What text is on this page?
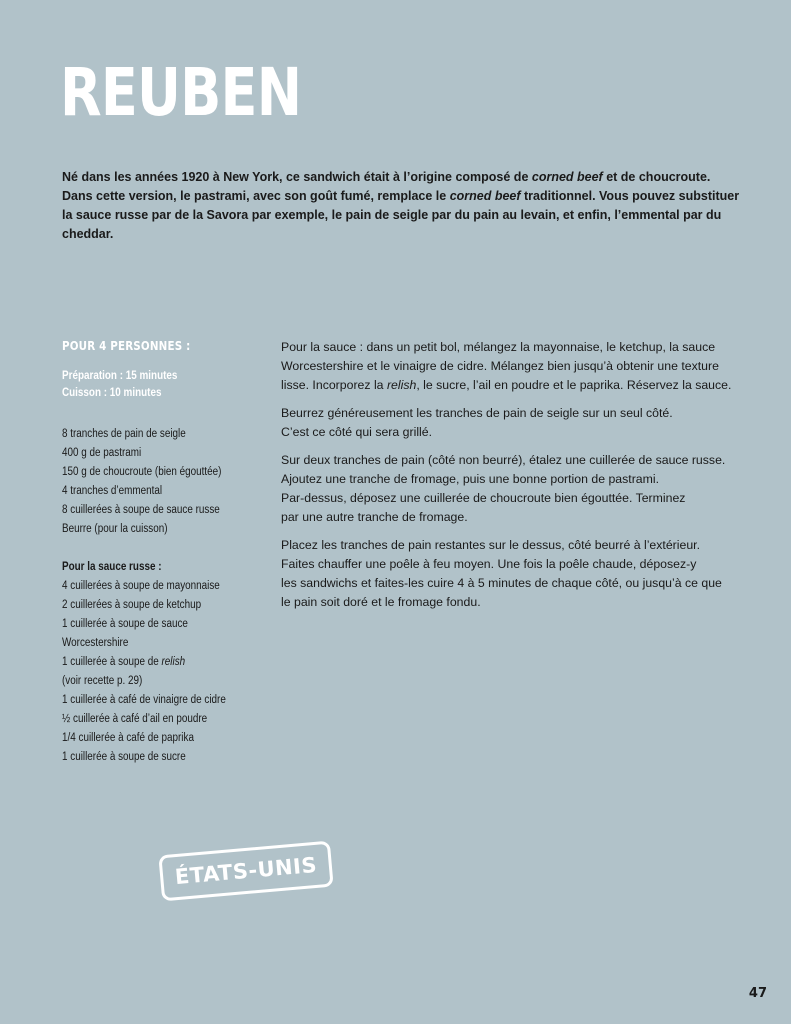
REUBEN

Né dans les années 1920 à New York, ce sandwich était à l’origine composé de corned beef et de choucroute. Dans cette version, le pastrami, avec son goût fumé, remplace le corned beef traditionnel. Vous pouvez substituer la sauce russe par de la Savora par exemple, le pain de seigle par du pain au levain, et enfin, l’emmental par du cheddar.

POUR 4 PERSONNES :
Préparation : 15 minutes
Cuisson : 10 minutes
8 tranches de pain de seigle
400 g de pastrami
150 g de choucroute (bien égouttée)
4 tranches d’emmental
8 cuillerées à soupe de sauce russe
Beurre (pour la cuisson)
Pour la sauce russe :
4 cuillerées à soupe de mayonnaise
2 cuillerées à soupe de ketchup
1 cuillerée à soupe de sauce
Worcestershire
1 cuillerée à soupe de relish
(voir recette p. 29)
1 cuillerée à café de vinaigre de cidre
½ cuillerée à café d’ail en poudre
1/4 cuillerée à café de paprika
1 cuillerée à soupe de sucre

Pour la sauce : dans un petit bol, mélangez la mayonnaise, le ketchup, la sauce
Worcestershire et le vinaigre de cidre. Mélangez bien jusqu’à obtenir une texture
lisse. Incorporez la relish, le sucre, l’ail en poudre et le paprika. Réservez la sauce.

Beurrez généreusement les tranches de pain de seigle sur un seul côté.
C’est ce côté qui sera grillé.

Sur deux tranches de pain (côté non beurré), étalez une cuillerée de sauce russe.
Ajoutez une tranche de fromage, puis une bonne portion de pastrami.
Par-dessus, déposez une cuillerée de choucroute bien égouttée. Terminez
par une autre tranche de fromage.

Placez les tranches de pain restantes sur le dessus, côté beurré à l’extérieur.
Faites chauffer une poêle à feu moyen. Une fois la poêle chaude, déposez-y
les sandwichs et faites-les cuire 4 à 5 minutes de chaque côté, ou jusqu’à ce que
le pain soit doré et le fromage fondu.

ÉTATS-UNIS
47
